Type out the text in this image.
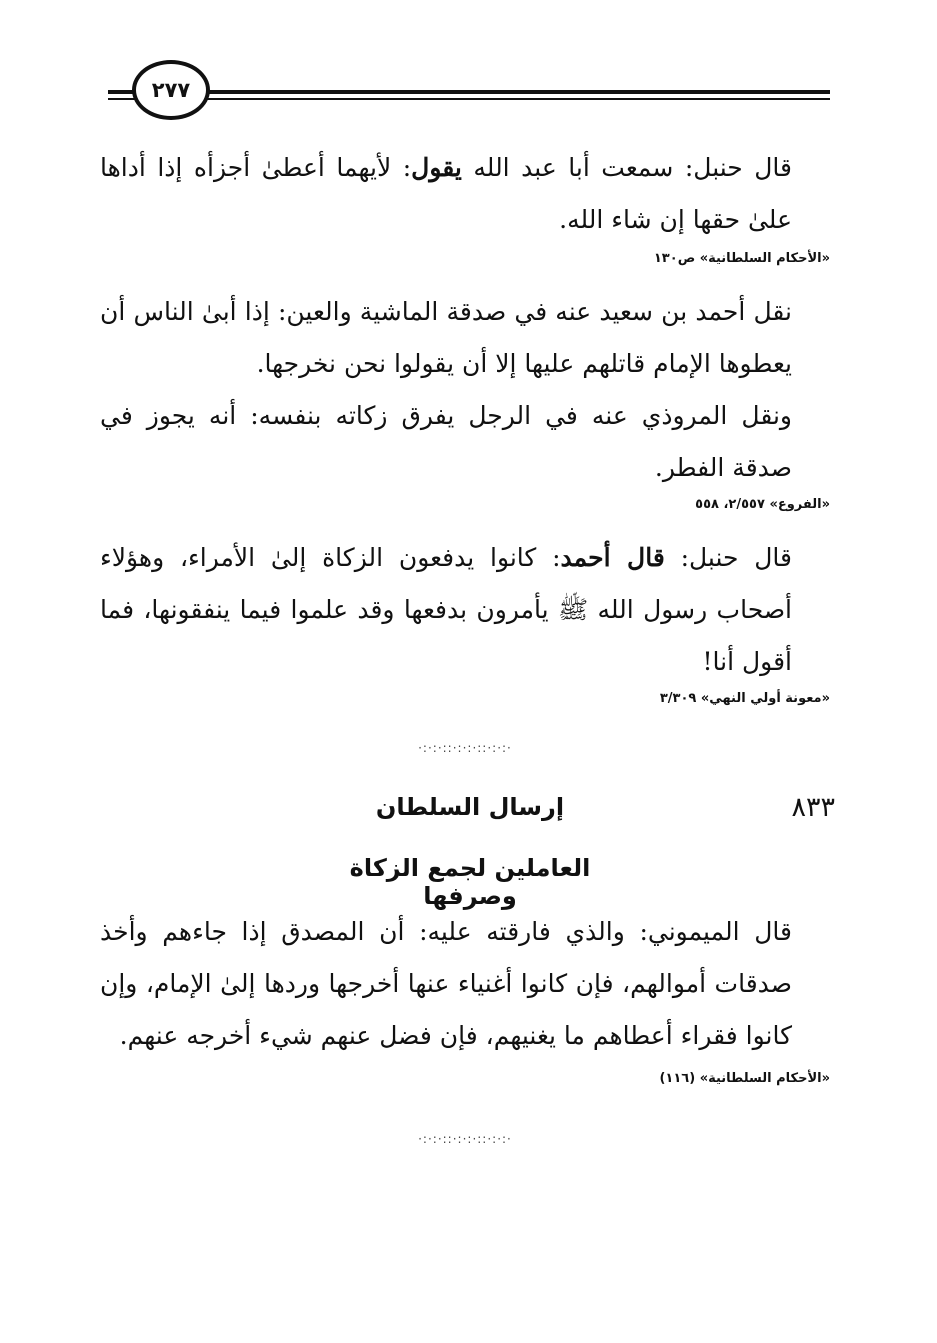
٢٧٧
قال حنبل: سمعت أبا عبد الله يقول: لأيهما أعطىٰ أجزأه إذا أداها علىٰ حقها إن شاء الله.
«الأحكام السلطانية» ص١٣٠
نقل أحمد بن سعيد عنه في صدقة الماشية والعين: إذا أبىٰ الناس أن يعطوها الإمام قاتلهم عليها إلا أن يقولوا نحن نخرجها.
ونقل المروذي عنه في الرجل يفرق زكاته بنفسه: أنه يجوز في صدقة الفطر.
«الفروع» ٢/٥٥٧، ٥٥٨
قال حنبل: قال أحمد: كانوا يدفعون الزكاة إلىٰ الأمراء، وهؤلاء أصحاب رسول الله ﷺ يأمرون بدفعها وقد علموا فيما ينفقونها، فما أقول أنا!
«معونة أولي النهي» ٣/٣٠٩
·:·:·::·:·:·::·:·:·
٨٣٣
إرسال السلطان
العاملين لجمع الزكاة وصرفها
قال الميموني: والذي فارقته عليه: أن المصدق إذا جاءهم وأخذ صدقات أموالهم، فإن كانوا أغنياء عنها أخرجها وردها إلىٰ الإمام، وإن كانوا فقراء أعطاهم ما يغنيهم، فإن فضل عنهم شيء أخرجه عنهم.
«الأحكام السلطانية» (١١٦)
·:·:·::·:·:·::·:·:·
